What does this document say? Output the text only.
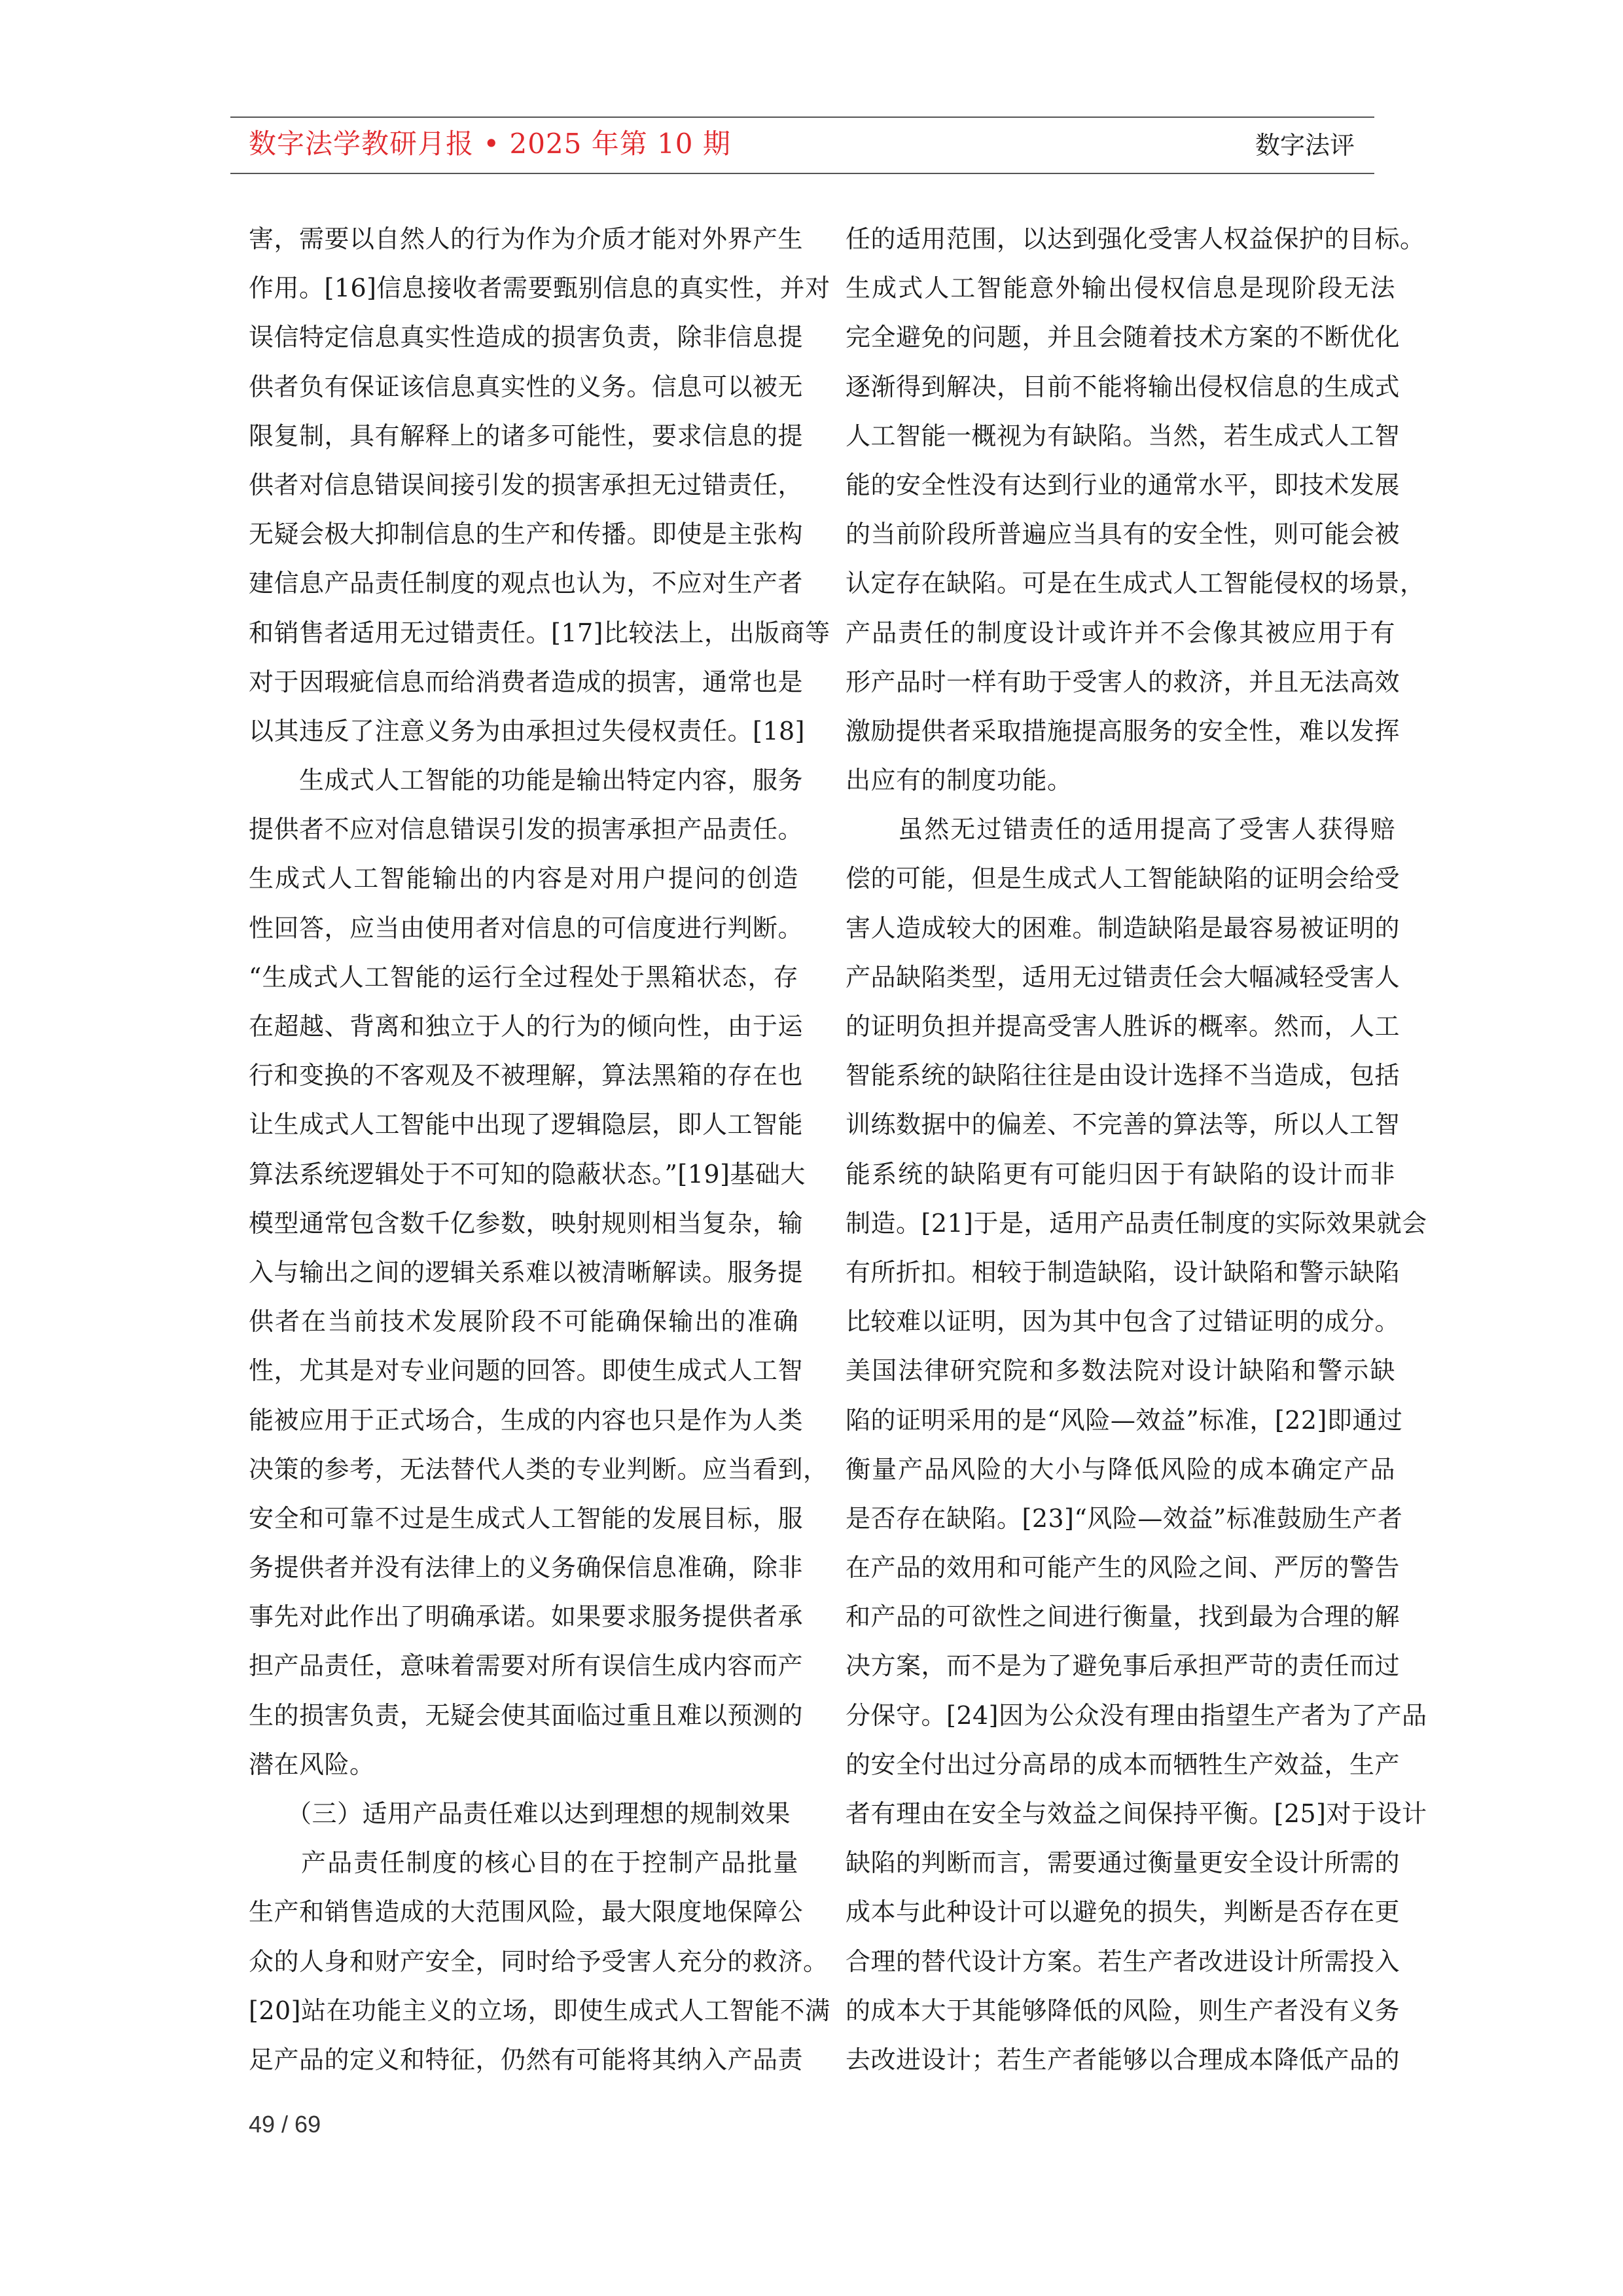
数字法学教研月报 • 2025 年第 10 期	数字法评
害，需要以自然人的行为作为介质才能对外界产生
作用。[16]信息接收者需要甄别信息的真实性，并对
误信特定信息真实性造成的损害负责，除非信息提
供者负有保证该信息真实性的义务。信息可以被无
限复制，具有解释上的诸多可能性，要求信息的提
供者对信息错误间接引发的损害承担无过错责任，
无疑会极大抑制信息的生产和传播。即使是主张构
建信息产品责任制度的观点也认为，不应对生产者
和销售者适用无过错责任。[17]比较法上，出版商等
对于因瑕疵信息而给消费者造成的损害，通常也是
以其违反了注意义务为由承担过失侵权责任。[18]
　　生成式人工智能的功能是输出特定内容，服务
提供者不应对信息错误引发的损害承担产品责任。
生成式人工智能输出的内容是对用户提问的创造
性回答，应当由使用者对信息的可信度进行判断。
“生成式人工智能的运行全过程处于黑箱状态，存
在超越、背离和独立于人的行为的倾向性，由于运
行和变换的不客观及不被理解，算法黑箱的存在也
让生成式人工智能中出现了逻辑隐层，即人工智能
算法系统逻辑处于不可知的隐蔽状态。”[19]基础大
模型通常包含数千亿参数，映射规则相当复杂，输
入与输出之间的逻辑关系难以被清晰解读。服务提
供者在当前技术发展阶段不可能确保输出的准确
性，尤其是对专业问题的回答。即使生成式人工智
能被应用于正式场合，生成的内容也只是作为人类
决策的参考，无法替代人类的专业判断。应当看到，
安全和可靠不过是生成式人工智能的发展目标，服
务提供者并没有法律上的义务确保信息准确，除非
事先对此作出了明确承诺。如果要求服务提供者承
担产品责任，意味着需要对所有误信生成内容而产
生的损害负责，无疑会使其面临过重且难以预测的
潜在风险。
　　（三）适用产品责任难以达到理想的规制效果
　　产品责任制度的核心目的在于控制产品批量
生产和销售造成的大范围风险，最大限度地保障公
众的人身和财产安全，同时给予受害人充分的救济。
[20]站在功能主义的立场，即使生成式人工智能不满
足产品的定义和特征，仍然有可能将其纳入产品责
任的适用范围，以达到强化受害人权益保护的目标。
生成式人工智能意外输出侵权信息是现阶段无法
完全避免的问题，并且会随着技术方案的不断优化
逐渐得到解决，目前不能将输出侵权信息的生成式
人工智能一概视为有缺陷。当然，若生成式人工智
能的安全性没有达到行业的通常水平，即技术发展
的当前阶段所普遍应当具有的安全性，则可能会被
认定存在缺陷。可是在生成式人工智能侵权的场景，
产品责任的制度设计或许并不会像其被应用于有
形产品时一样有助于受害人的救济，并且无法高效
激励提供者采取措施提高服务的安全性，难以发挥
出应有的制度功能。
　　虽然无过错责任的适用提高了受害人获得赔
偿的可能，但是生成式人工智能缺陷的证明会给受
害人造成较大的困难。制造缺陷是最容易被证明的
产品缺陷类型，适用无过错责任会大幅减轻受害人
的证明负担并提高受害人胜诉的概率。然而，人工
智能系统的缺陷往往是由设计选择不当造成，包括
训练数据中的偏差、不完善的算法等，所以人工智
能系统的缺陷更有可能归因于有缺陷的设计而非
制造。[21]于是，适用产品责任制度的实际效果就会
有所折扣。相较于制造缺陷，设计缺陷和警示缺陷
比较难以证明，因为其中包含了过错证明的成分。
美国法律研究院和多数法院对设计缺陷和警示缺
陷的证明采用的是“风险—效益”标准，[22]即通过
衡量产品风险的大小与降低风险的成本确定产品
是否存在缺陷。[23]“风险—效益”标准鼓励生产者
在产品的效用和可能产生的风险之间、严厉的警告
和产品的可欲性之间进行衡量，找到最为合理的解
决方案，而不是为了避免事后承担严苛的责任而过
分保守。[24]因为公众没有理由指望生产者为了产品
的安全付出过分高昂的成本而牺牲生产效益，生产
者有理由在安全与效益之间保持平衡。[25]对于设计
缺陷的判断而言，需要通过衡量更安全设计所需的
成本与此种设计可以避免的损失，判断是否存在更
合理的替代设计方案。若生产者改进设计所需投入
的成本大于其能够降低的风险，则生产者没有义务
去改进设计；若生产者能够以合理成本降低产品的
49 / 69
